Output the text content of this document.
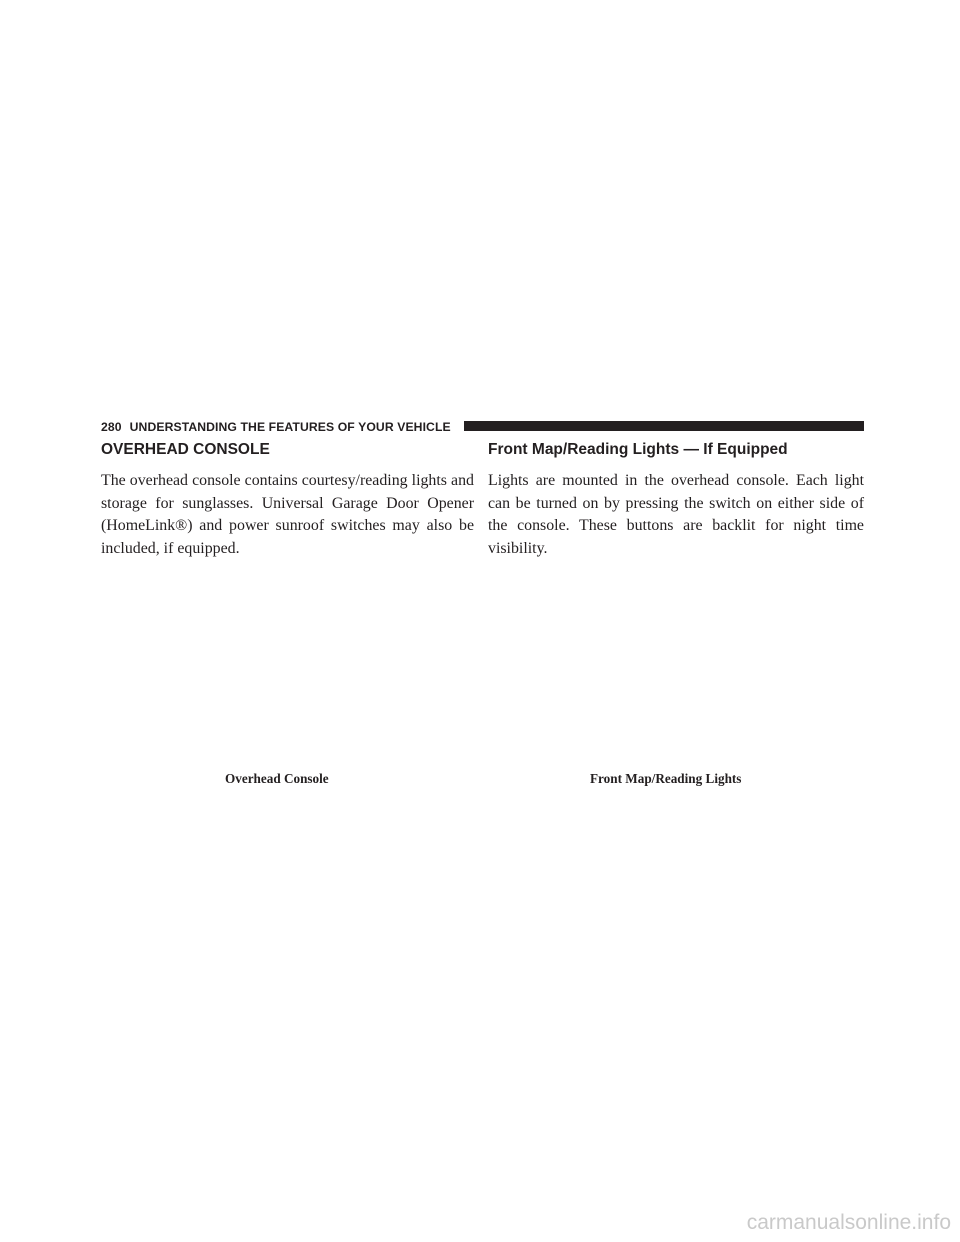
280 UNDERSTANDING THE FEATURES OF YOUR VEHICLE
OVERHEAD CONSOLE

The overhead console contains courtesy/reading lights and storage for sunglasses. Universal Garage Door Opener (HomeLink®) and power sunroof switches may also be included, if equipped.

Front Map/Reading Lights — If Equipped

Lights are mounted in the overhead console. Each light can be turned on by pressing the switch on either side of the console. These buttons are backlit for night time visibility.

Overhead Console	Front Map/Reading Lights
carmanualsonline.info
